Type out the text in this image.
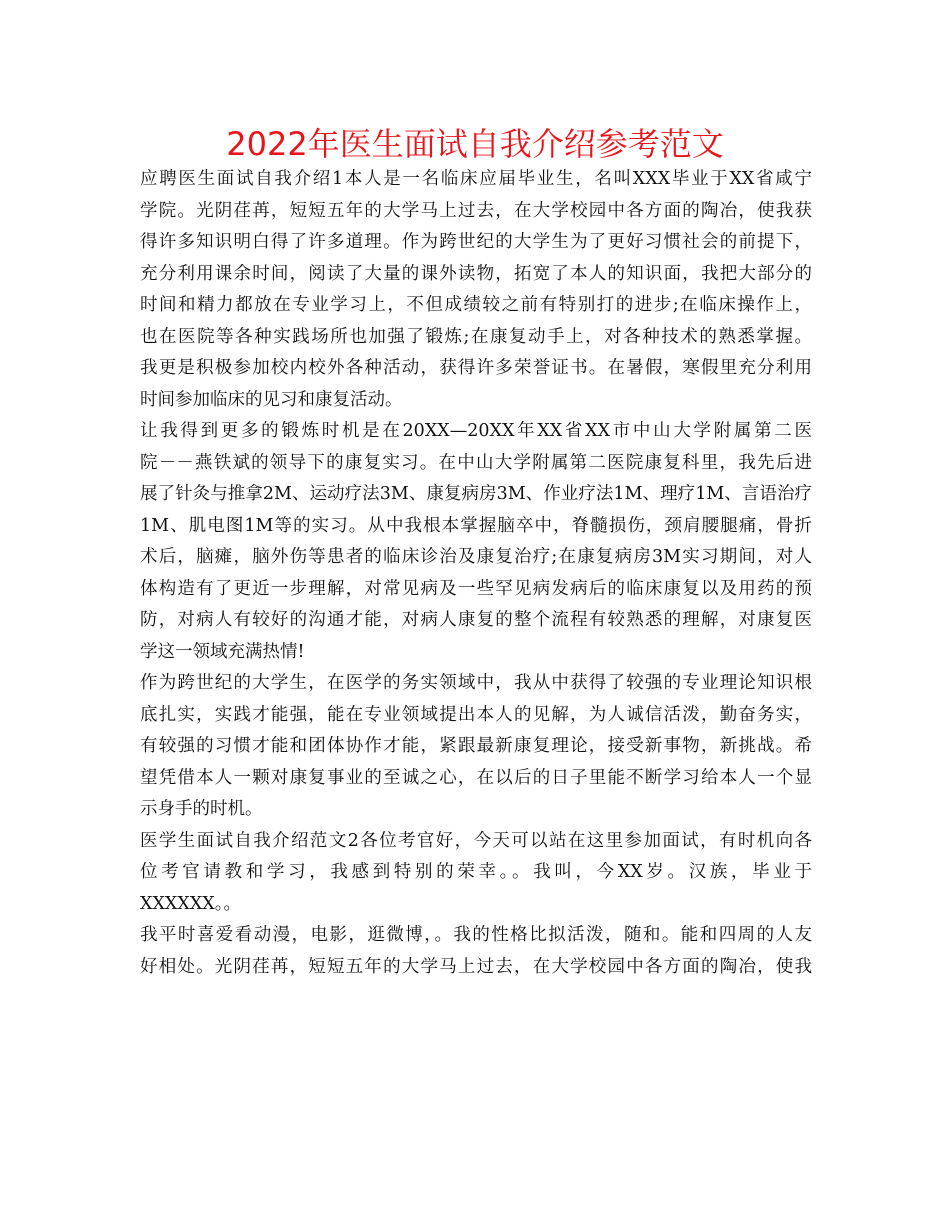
2022年医生面试自我介绍参考范文
应聘医生面试自我介绍1本人是一名临床应届毕业生，名叫XXX毕业于XX省咸宁
学院。光阴荏苒，短短五年的大学马上过去，在大学校园中各方面的陶冶，使我获
得许多知识明白得了许多道理。作为跨世纪的大学生为了更好习惯社会的前提下，
充分利用课余时间，阅读了大量的课外读物，拓宽了本人的知识面，我把大部分的
时间和精力都放在专业学习上，不但成绩较之前有特别打的进步;在临床操作上，
也在医院等各种实践场所也加强了锻炼;在康复动手上，对各种技术的熟悉掌握。
我更是积极参加校内校外各种活动，获得许多荣誉证书。在暑假，寒假里充分利用
时间参加临床的见习和康复活动。
让我得到更多的锻炼时机是在20XX—20XX年XX省XX市中山大学附属第二医
院－－燕铁斌的领导下的康复实习。在中山大学附属第二医院康复科里，我先后进
展了针灸与推拿2M、运动疗法3M、康复病房3M、作业疗法1M、理疗1M、言语治疗
1M、肌电图1M等的实习。从中我根本掌握脑卒中，脊髓损伤，颈肩腰腿痛，骨折
术后，脑瘫，脑外伤等患者的临床诊治及康复治疗;在康复病房3M实习期间，对人
体构造有了更近一步理解，对常见病及一些罕见病发病后的临床康复以及用药的预
防，对病人有较好的沟通才能，对病人康复的整个流程有较熟悉的理解，对康复医
学这一领域充满热情!
作为跨世纪的大学生，在医学的务实领域中，我从中获得了较强的专业理论知识根
底扎实，实践才能强，能在专业领域提出本人的见解，为人诚信活泼，勤奋务实，
有较强的习惯才能和团体协作才能，紧跟最新康复理论，接受新事物，新挑战。希
望凭借本人一颗对康复事业的至诚之心，在以后的日子里能不断学习给本人一个显
示身手的时机。
医学生面试自我介绍范文2各位考官好，今天可以站在这里参加面试，有时机向各
位考官请教和学习，我感到特别的荣幸。。我叫，今XX岁。汉族，毕业于
XXXXXX。。
我平时喜爱看动漫，电影，逛微博，。我的性格比拟活泼，随和。能和四周的人友
好相处。光阴荏苒，短短五年的大学马上过去，在大学校园中各方面的陶冶，使我
